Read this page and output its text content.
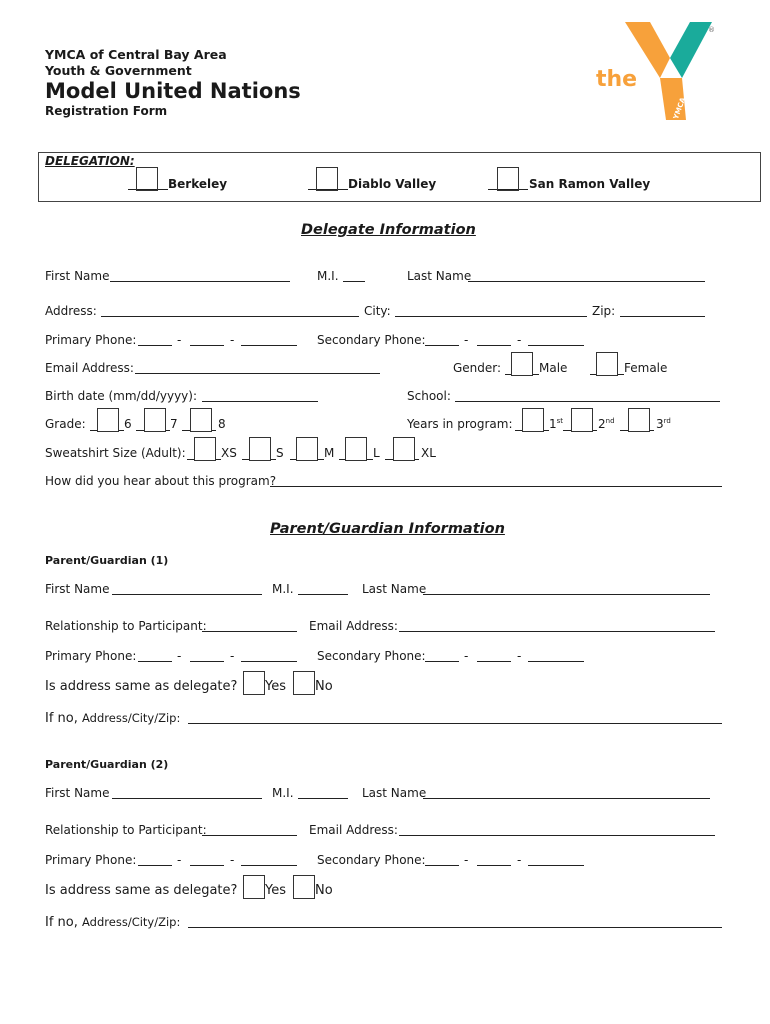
YMCA of Central Bay Area
Youth & Government
Model United Nations
Registration Form
the
YMCA
®
DELEGATION:
Berkeley	Diablo Valley	San Ramon Valley
Delegate Information
First Name	M.I.	Last Name
Address:	City:	Zip:
Primary Phone:	-	-	Secondary Phone:	-	-
Email Address:	Gender:	Male	Female
Birth date (mm/dd/yyyy):	School:
Grade:	6	7	8	Years in program:	1st	2nd	3rd
Sweatshirt Size (Adult):	XS	S	M	L	XL
How did you hear about this program?
Parent/Guardian Information
Parent/Guardian (1)
First Name	M.I.	Last Name
Relationship to Participant:	Email Address:
Primary Phone:	-	-	Secondary Phone:	-	-
Is address same as delegate? Yes No
If no, Address/City/Zip:
Parent/Guardian (2)
First Name	M.I.	Last Name
Relationship to Participant:	Email Address:
Primary Phone:	-	-	Secondary Phone:	-	-
Is address same as delegate? Yes No
If no, Address/City/Zip:
